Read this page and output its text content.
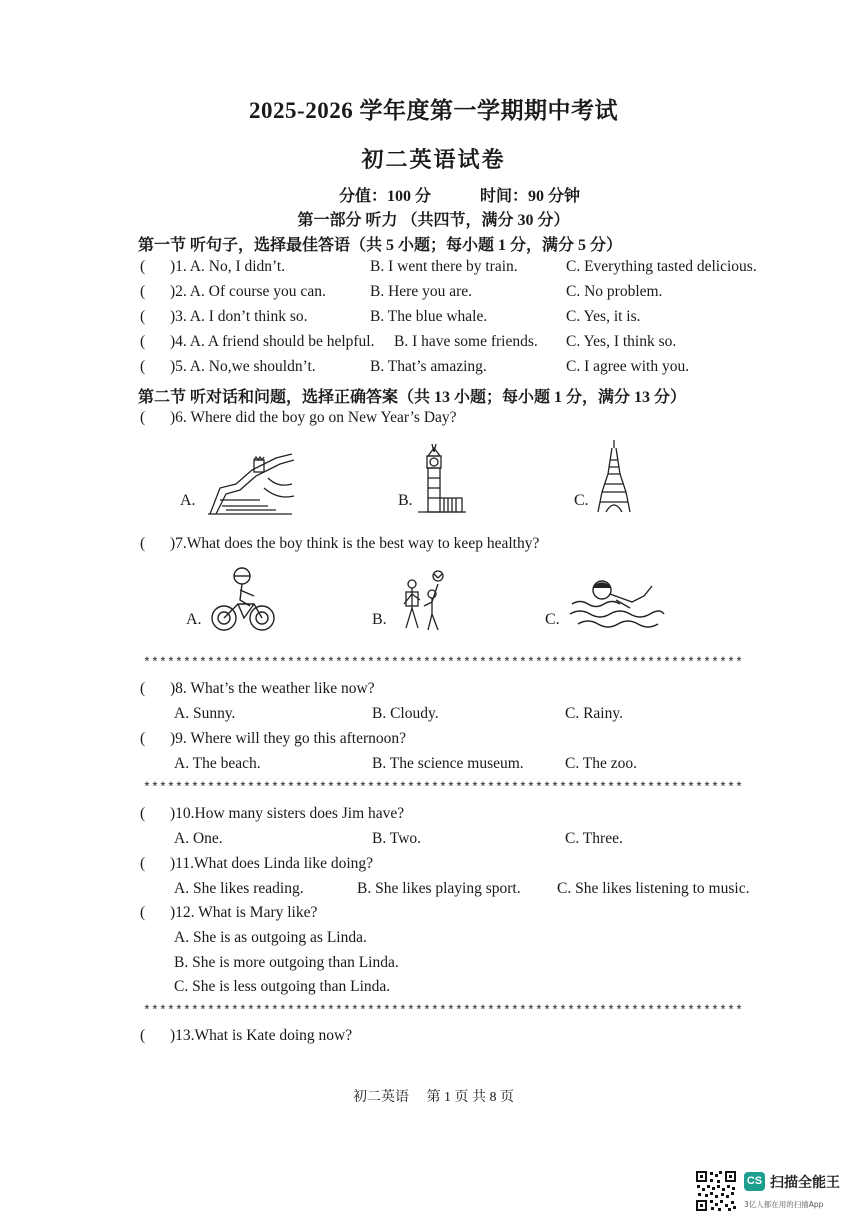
2025-2026 学年度第一学期期中考试
初二英语试卷
分值：100 分	时间：90 分钟
第一部分 听力 （共四节，满分 30 分）
第一节 听句子，选择最佳答语（共 5 小题；每小题 1 分，满分 5 分）
( )1. A. No, I didn’t.	B. I went there by train.	C. Everything tasted delicious.
( )2. A. Of course you can.	B. Here you are.	C. No problem.
( )3. A. I don’t think so.	B. The blue whale.	C. Yes, it is.
( )4. A. A friend should be helpful. B. I have some friends. C. Yes, I think so.
( )5. A. No,we shouldn’t.	B. That’s amazing.	C. I agree with you.
第二节 听对话和问题，选择正确答案（共 13 小题；每小题 1 分，满分 13 分）
( )6. Where did the boy go on New Year’s Day?
A.	B.	C.
( )7.What does the boy think is the best way to keep healthy?
A.	B.	C.
***************************************************************************
( )8. What’s the weather like now?
A. Sunny.	B. Cloudy.	C. Rainy.
( )9. Where will they go this afternoon?
A. The beach.	B. The science museum.	C. The zoo.
***************************************************************************
( )10.How many sisters does Jim have?
A. One.	B. Two.	C. Three.
( )11.What does Linda like doing?
A. She likes reading.	B. She likes playing sport. C. She likes listening to music.
( )12. What is Mary like?
A. She is as outgoing as Linda.
B. She is more outgoing than Linda.
C. She is less outgoing than Linda.
***************************************************************************
( )13.What is Kate doing now?
初二英语　 第 1 页 共 8 页
CS 扫描全能王
3亿人都在用的扫描App
